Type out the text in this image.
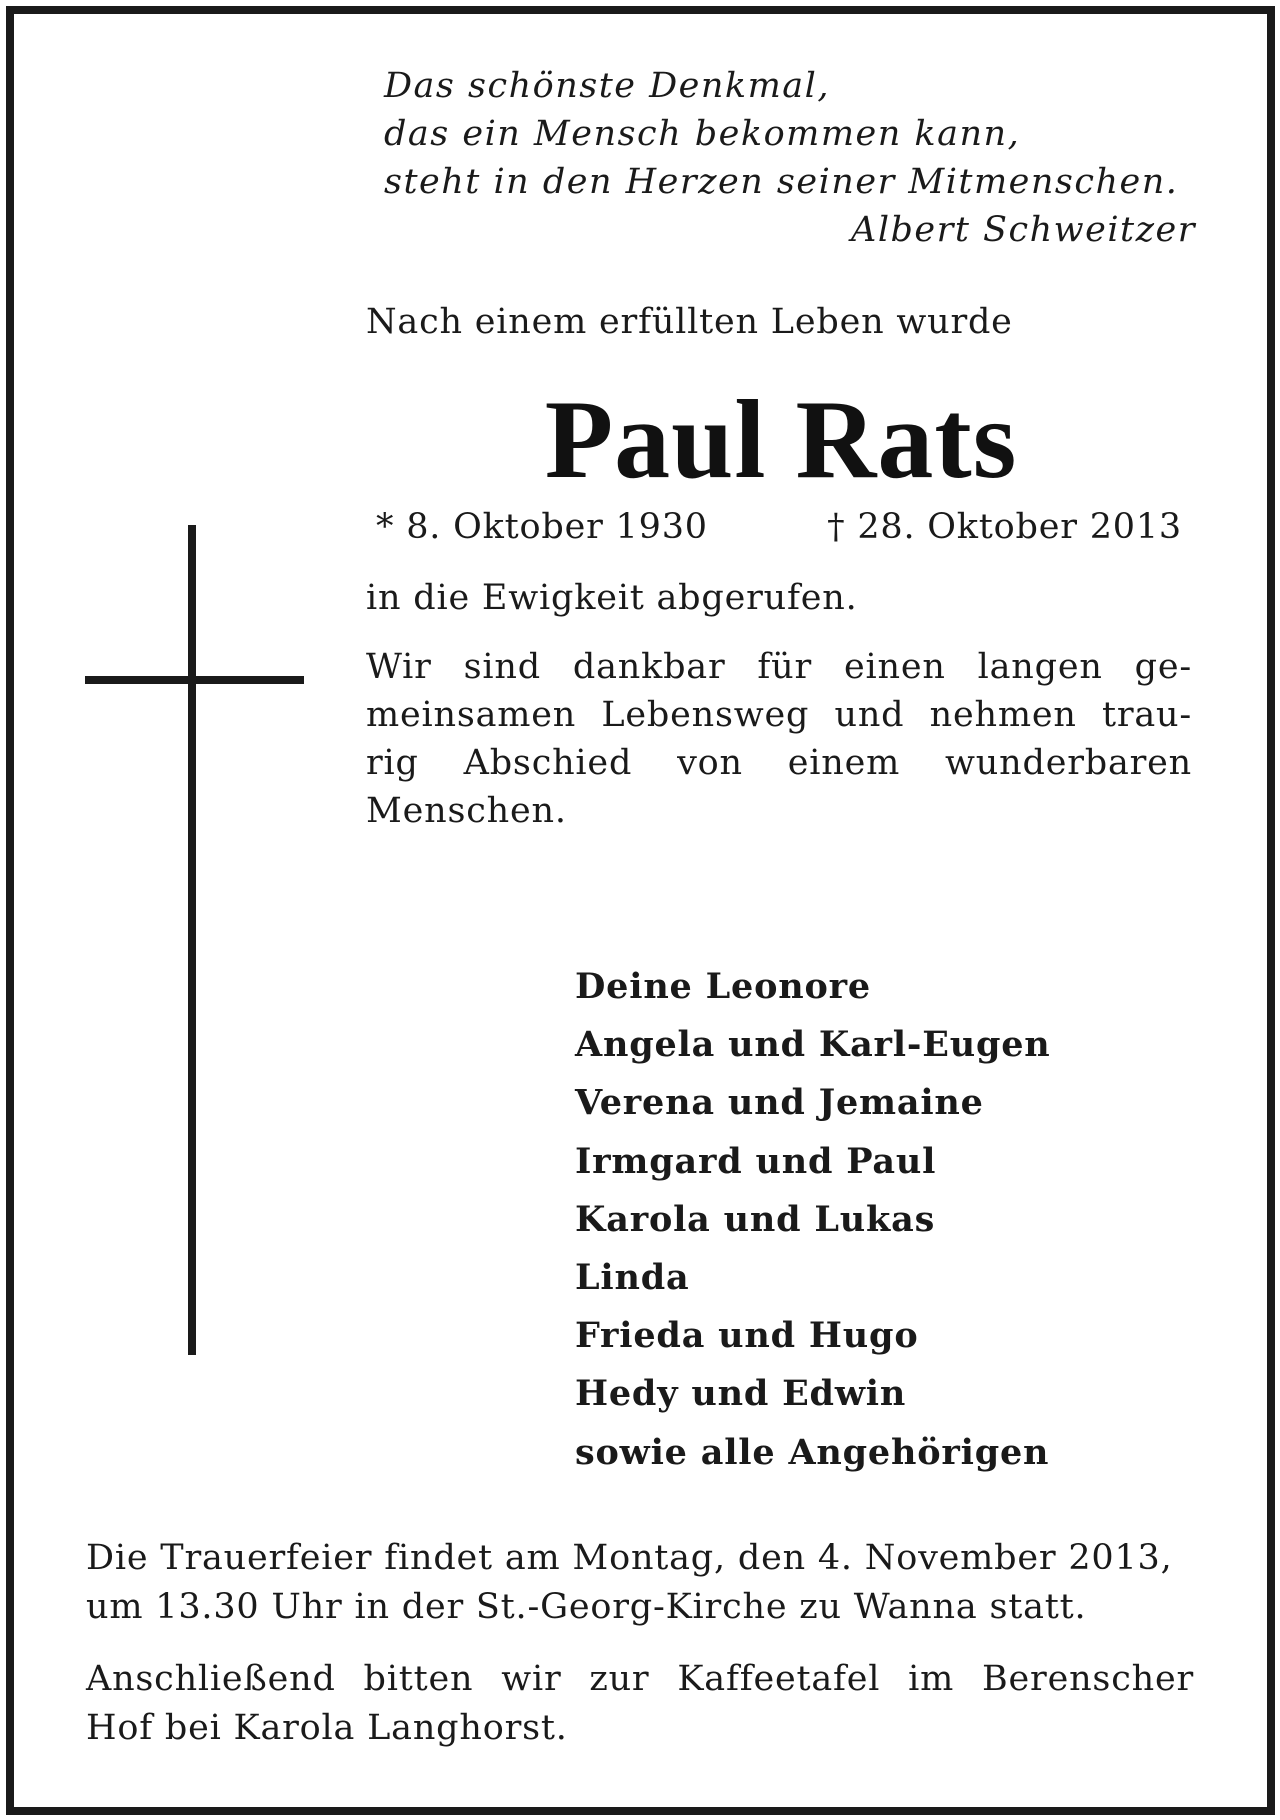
Das schönste Denkmal,
das ein Mensch bekommen kann,
steht in den Herzen seiner Mitmenschen.
Albert Schweitzer
Nach einem erfüllten Leben wurde
Paul Rats
* 8. Oktober 1930	† 28. Oktober 2013
in die Ewigkeit abgerufen.
Wir sind dankbar für einen langen ge-
meinsamen Lebensweg und nehmen trau-
rig Abschied von einem wunderbaren
Menschen.
Deine Leonore
Angela und Karl-Eugen
Verena und Jemaine
Irmgard und Paul
Karola und Lukas
Linda
Frieda und Hugo
Hedy und Edwin
sowie alle Angehörigen
Die Trauerfeier findet am Montag, den 4. November 2013,
um 13.30 Uhr in der St.-Georg-Kirche zu Wanna statt.
Anschließend bitten wir zur Kaffeetafel im Berenscher
Hof bei Karola Langhorst.
